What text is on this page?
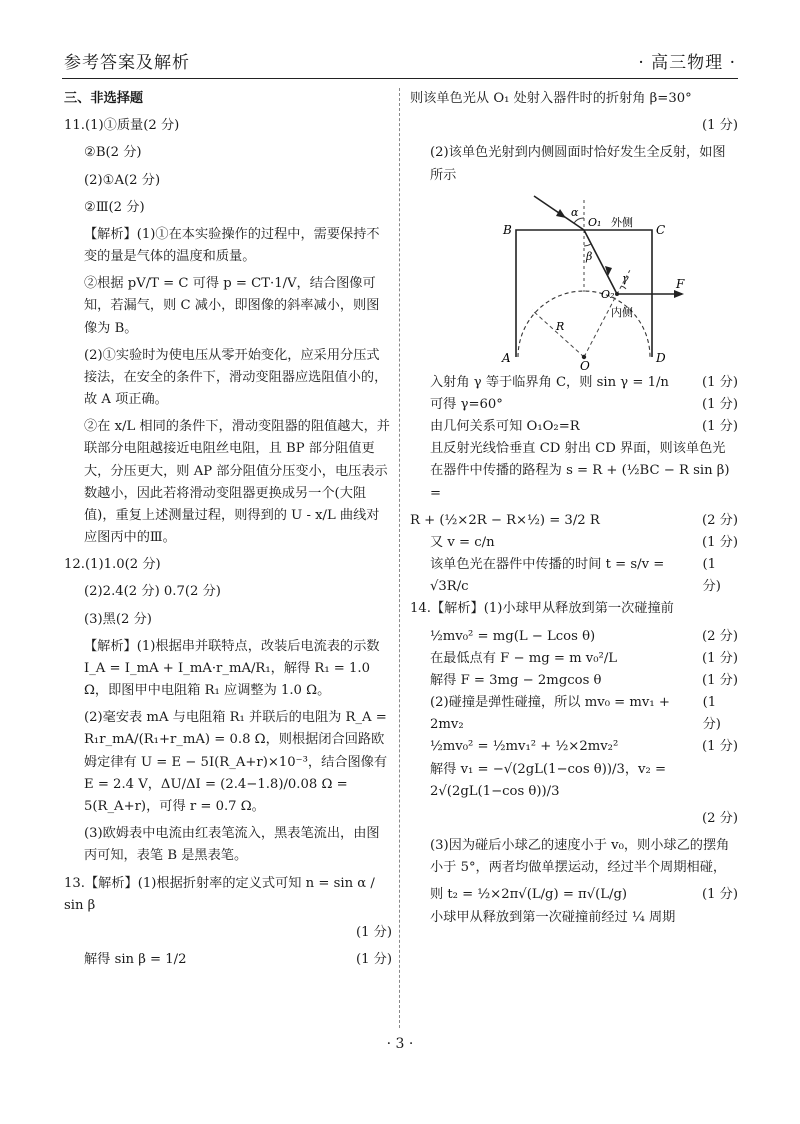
参考答案及解析	· 高三物理 ·

三、非选择题

11.(1)①质量(2 分)

②B(2 分)

(2)①A(2 分)

②Ⅲ(2 分)

【解析】(1)①在本实验操作的过程中，需要保持不变的量是气体的温度和质量。

②根据 pV/T = C 可得 p = CT·1/V，结合图像可知，若漏气，则 C 减小，即图像的斜率减小，则图像为 B。

(2)①实验时为使电压从零开始变化，应采用分压式接法，在安全的条件下，滑动变阻器应选阻值小的，故 A 项正确。

②在 x/L 相同的条件下，滑动变阻器的阻值越大，并联部分电阻越接近电阻丝电阻，且 BP 部分阻值更大，分压更大，则 AP 部分阻值分压变小，电压表示数越小，因此若将滑动变阻器更换成另一个(大阻值)，重复上述测量过程，则得到的 U - x/L 曲线对应图丙中的Ⅲ。

12.(1)1.0(2 分)

(2)2.4(2 分) 0.7(2 分)

(3)黑(2 分)

【解析】(1)根据串并联特点，改装后电流表的示数 I_A = I_mA + I_mA·r_mA/R₁，解得 R₁ = 1.0 Ω，即图甲中电阻箱 R₁ 应调整为 1.0 Ω。

(2)毫安表 mA 与电阻箱 R₁ 并联后的电阻为 R_A = R₁r_mA/(R₁+r_mA) = 0.8 Ω，则根据闭合回路欧姆定律有 U = E − 5I(R_A+r)×10⁻³，结合图像有 E = 2.4 V，ΔU/ΔI = (2.4−1.8)/0.08 Ω = 5(R_A+r)，可得 r = 0.7 Ω。

(3)欧姆表中电流由红表笔流入，黑表笔流出，由图丙可知，表笔 B 是黑表笔。

13.【解析】(1)根据折射率的定义式可知 n = sin α / sin β

(1 分)

解得 sin β = 1/2	(1 分)

则该单色光从 O₁ 处射入器件时的折射角 β=30°

(1 分)

(2)该单色光射到内侧圆面时恰好发生全反射，如图所示

B	C
A	D
O
O₁
O₂
F
R
α
β
γ
外侧
内侧
入射角 γ 等于临界角 C，则 sin γ = 1/n	(1 分)
可得 γ=60°	(1 分)
由几何关系可知 O₁O₂=R	(1 分)

且反射光线恰垂直 CD 射出 CD 界面，则该单色光在器件中传播的路程为 s = R + (½BC − R sin β) =

R + (½×2R − R×½) = 3/2 R	(2 分)
又 v = c/n	(1 分)
该单色光在器件中传播的时间 t = s/v = √3R/c
(1 分)

14.【解析】(1)小球甲从释放到第一次碰撞前

½mv₀² = mg(L − Lcos θ)	(2 分)
在最低点有 F − mg = m v₀²/L	(1 分)
解得 F = 3mg − 2mgcos θ	(1 分)
(2)碰撞是弹性碰撞，所以 mv₀ = mv₁ + 2mv₂
(1 分)
½mv₀² = ½mv₁² + ½×2mv₂²	(1 分)

解得 v₁ = −√(2gL(1−cos θ))/3，v₂ = 2√(2gL(1−cos θ))/3

(2 分)

(3)因为碰后小球乙的速度小于 v₀，则小球乙的摆角小于 5°，两者均做单摆运动，经过半个周期相碰，

则 t₂ = ½×2π√(L/g) = π√(L/g)	(1 分)

小球甲从释放到第一次碰撞前经过 ¼ 周期

· 3 ·
